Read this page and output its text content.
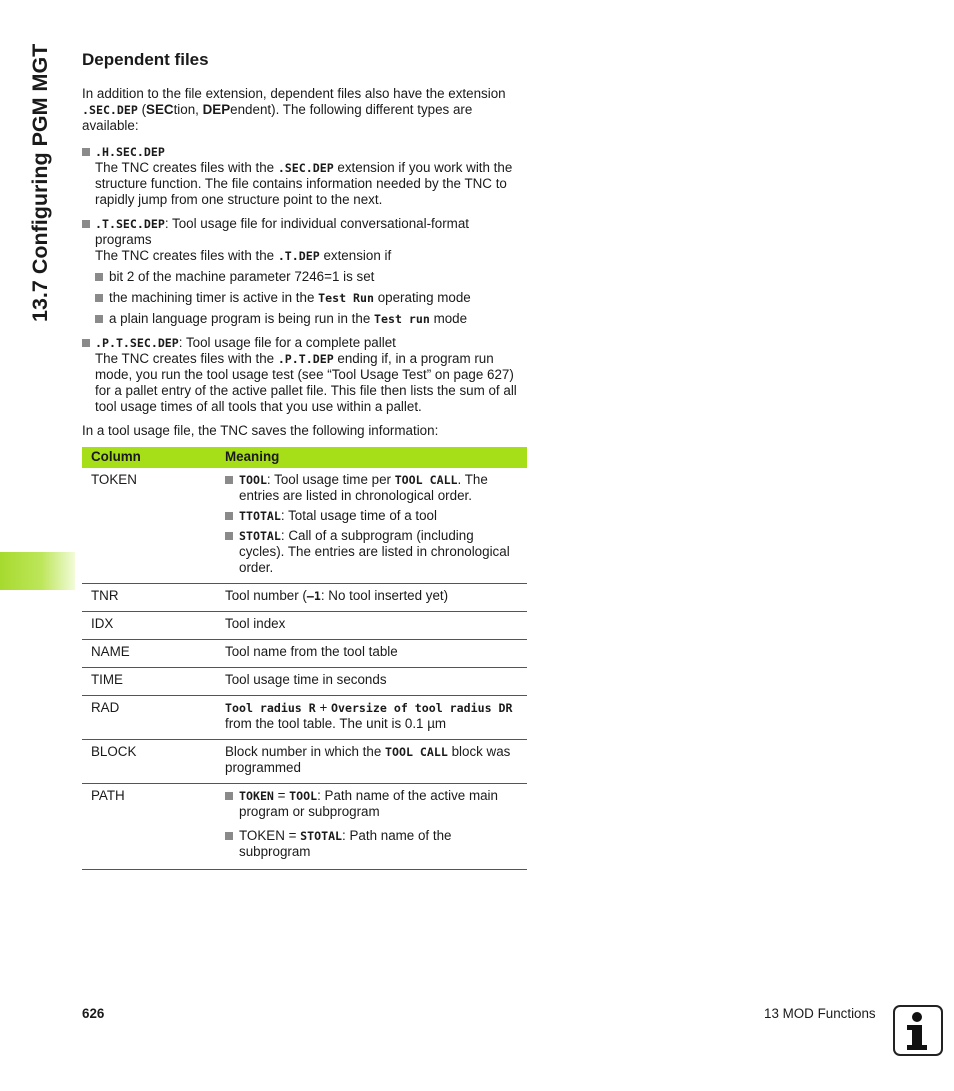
13.7 Configuring PGM MGT	Dependent files

In addition to the file extension, dependent files also have the extension .SEC.DEP (SECtion, DEPendent). The following different types are available:

.H.SEC.DEP

The TNC creates files with the .SEC.DEP extension if you work with the structure function. The file contains information needed by the TNC to rapidly jump from one structure point to the next.

.T.SEC.DEP: Tool usage file for individual conversational-format programs

The TNC creates files with the .T.DEP extension if

bit 2 of the machine parameter 7246=1 is set
the machining timer is active in the Test Run operating mode
a plain language program is being run in the Test run mode

.P.T.SEC.DEP: Tool usage file for a complete pallet

The TNC creates files with the .P.T.DEP ending if, in a program run mode, you run the tool usage test (see “Tool Usage Test” on page 627) for a pallet entry of the active pallet file. This file then lists the sum of all tool usage times of all tools that you use within a pallet.

In a tool usage file, the TNC saves the following information:

Column	Meaning
TOKEN	TOOL: Tool usage time per TOOL CALL. The entries are listed in chronological order.
TTOTAL: Total usage time of a tool
STOTAL: Call of a subprogram (including cycles). The entries are listed in chronological order.

TNR	Tool number (–1: No tool inserted yet)
IDX	Tool index
NAME	Tool name from the tool table
TIME	Tool usage time in seconds
RAD	Tool radius R + Oversize of tool radius DR
from the tool table. The unit is 0.1 µm
BLOCK	Block number in which the TOOL CALL block was programmed
PATH	TOKEN = TOOL: Path name of the active main program or subprogram
TOKEN = STOTAL: Path name of the subprogram
626	13 MOD Functions
